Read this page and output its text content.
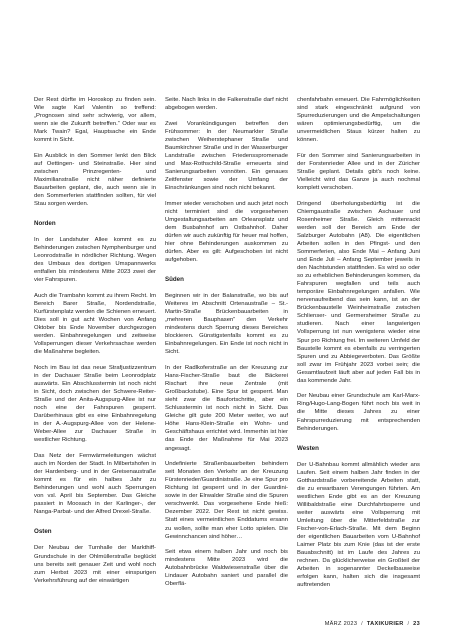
Der Rest dürfte im Horoskop zu finden sein. Wie sagte Karl Valentin so treffend: „Prognosen sind sehr schwierig, vor allem, wenn sie die Zukunft betreffen.“ Oder war es Mark Twain? Egal, Hauptsache ein Ende kommt in Sicht.

Ein Ausblick in den Sommer lenkt den Blick auf Oettingen- und Steinstraße. Hier sind zwischen Prinzregenten- und Maximilianstraße nicht näher definierte Bauarbeiten geplant, die, auch wenn sie in den Sommerferien stattfinden sollten, für viel Stau sorgen werden.

Norden

In der Landshuter Allee kommt es zu Behinderungen zwischen Nymphenburger und Leonrodstraße in nördlicher Richtung. Wegen des Umbaus des dortigen Umspannwerks entfallen bis mindestens Mitte 2023 zwei der vier Fahrspuren.

Auch die Trambahn kommt zu ihrem Recht. Im Bereich Barer Straße, Nordendstraße, Kurfürstenplatz werden die Schienen erneuert. Dies soll in gut acht Wochen von Anfang Oktober bis Ende November durchgezogen werden. Einbahnregelungen und zeitweise Vollsperrungen dieser Verkehrsachse werden die Maßnahme begleiten.

Noch im Bau ist das neue Strafjustizzentrum in der Dachauer Straße beim Leonrodplatz auswärts. Ein Abschlusstermin ist noch nicht in Sicht, doch zwischen der Schwere-Reiter-Straße und der Anita-Augspurg-Allee ist nur noch eine der Fahrspuren gesperrt. Darüberhinaus gibt es eine Einbahnregelung in der A.-Augspurg-Allee von der Helene-Weber-Allee zur Dachauer Straße in westlicher Richtung.

Das Netz der Fernwärmeleitungen wächst auch im Norden der Stadt. In Milbertshofen in der Hardenberg- und in der Greisenaustraße kommt es für ein halbes Jahr zu Behinderungen und wohl auch Sperrungen von vsl. April bis September. Das Gleiche passiert in Moosach in der Karlinger-, der Nanga-Parbat- und der Alfred Drexel-Straße.

Osten

Der Neubau der Turnhalle der Markthiff-Grundschule in der Ohlmüllerstraße beglückt uns bereits seit genauer Zeit und wohl noch zum Herbst 2023 mit einer einspurigen Verkehrsführung auf der einwärtigen

Seite. Nach links in die Falkenstraße darf nicht abgebogen werden.

Zwei Vorankündigungen betreffen den Frühsommer: In der Neumarkter Straße zwischen Weiherstephaner Straße und Baumkirchner Straße und in der Wasserburger Landstraße zwischen Friedensspromenade und Max-Rothschild-Straße erneuerts sind Sanierungsarbeiten vonnöten. Ein genaues Zeitfenster sowie der Umfang der Einschränkungen sind noch nicht bekannt.

Immer wieder verschoben und auch jetzt noch nicht terminiert sind die vorgesehenen Umgestaltungsarbeiten am Orleansplatz und dem Busbahnhof am Ostbahnhof. Daher dürfen wir auch zukünftig für heuer mal hoffen, hier ohne Behinderungen auskommen zu dürfen. Aber es gilt: Aufgeschoben ist nicht aufgehoben.

Süden

Beginnen wir in der Balanstraße, wo bis auf Weiteres im Abschnitt Ortenaustraße – St.-Martin-Straße Brückenbauarbeiten in „mehreren Bauphasen“ den Verkehr mindestens durch Sperrung dieses Bereiches blockieren. Günstigstenfalls kommt es zu Einbahnregelungen. Ein Ende ist noch nicht in Sicht.

In der Radlkoferstraße an der Kreuzung zur Hans-Fischer-Straße baut die Bäckerei Rischart ihre neue Zentrale (mit Großbackstube). Eine Spur ist gesperrt. Man sieht zwar die Baufortschritte, aber ein Schlusstermin ist noch nicht in Sicht. Das Gleiche gilt gute 200 Meter weiter, wo auf Höhe Hans-Klein-Straße ein Wohn- und Geschäftshaus errichtet wird. Immerhin ist hier das Ende der Maßnahme für Mai 2023 angesagt.

Undefinierte Straßenbauarbeiten behindern seit Monaten den Verkehr an der Kreuzung Fürstenrieder/Guardinistraße. Je eine Spur pro Richtung ist gesperrt und in der Guardini- sowie in der Elrwalder Straße sind die Spuren verschwenkt. Das vorgesehene Ende hieß: Dezember 2022. Der Rest ist nicht gewiss. Statt eines vermeintlichen Enddatums ersann zu wollen, sollte man eher Lotto spielen. Die Gewinnchancen sind höher…

Seit etwa einem halben Jahr und noch bis mindestens Mitte 2023 wird die Autobahnbrücke Waldwiesenstraße über die Lindauer Autobahn saniert und parallel die Oberflä-

chenfahrbahn erneuert. Die Fahrmöglichkeiten sind stark eingeschränkt aufgrund von Spurreduzierungen und die Ampelschaltungen wären optimierungsbedürftig, um die unvermeidlichen Staus kürzer halten zu können.

Für den Sommer sind Sanierungsarbeiten in der Forstenrieder Allee und in der Züricher Straße geplant. Details gibt's noch keine. Vielleicht wird das Ganze ja auch nochmal komplett verschoben.

Dringend überholungsbedürftig ist die Chiemgaustraße zwischen Aschauer und Rosenheimer Straße. Gleich mittenrackt werden soll der Bereich am Ende der Salzburger Autobahn (A8). Die eigentlichen Arbeiten sollen in den Pfingst- und den Sommerferien, also Ende Mai – Anfang Juni und Ende Juli – Anfang September jeweils in den Nachtstunden stattfinden. Es wird so oder so zu erheblichen Behinderungen kommen, da Fahrspuren wegfallen und teils auch temporäre Einbahnregelungen anfallen. Wie nervenaufreibend das sein kann, ist an der Brückenbaustelle Weinheimstraße zwischen Schlienser- und Germersheimer Straße zu studieren. Nach einer langwierigen Vollsperrung ist nun wenigstens wieder eine Spur pro Richtung frei. Im weiteren Umfeld der Baustelle kommt es ebenfalls zu verringerten Spuren und zu Abbiegeverboten. Das Größte soll zwar im Frühjahr 2023 vorbei sein; die Gesamtlaufzeit läuft aber auf jeden Fall bis in das kommende Jahr.

Der Neubau einer Grundschule am Karl-Marx-Ring/Hugo-Lang-Bogen führt noch bis weit in die Mitte dieses Jahres zu einer Fahrspurreduzierung mit entsprechenden Behinderungen.

Westen

Der U-Bahnbau kommt allmählich wieder ans Laufen. Seit einem halben Jahr finden in der Gotthardstraße vorbereitende Arbeiten statt, die zu erwartbaren Verengungen führten. Am westlichen Ende gibt es an der Kreuzung Willibaldstraße eine Durchfahrtssperre und weiter auswärts eine Vollsperrung mit Umleitung über die Mitterfeldstraße zur Fischer-von-Erlach-Straße. Mit dem Beginn der eigentlichen Bauarbeiten vom U-Bahnhof Laimer Platz bis zum Knie (das ist der erste Bauabschnitt) ist im Laufe des Jahres zu rechnen. Da glücklicherweise ein Großteil der Arbeiten in sogenannter Deckelbauweise erfolgen kann, halten sich die insgesamt auftretenden

MÄRZ 2023 / TAXIKURIER / 23
